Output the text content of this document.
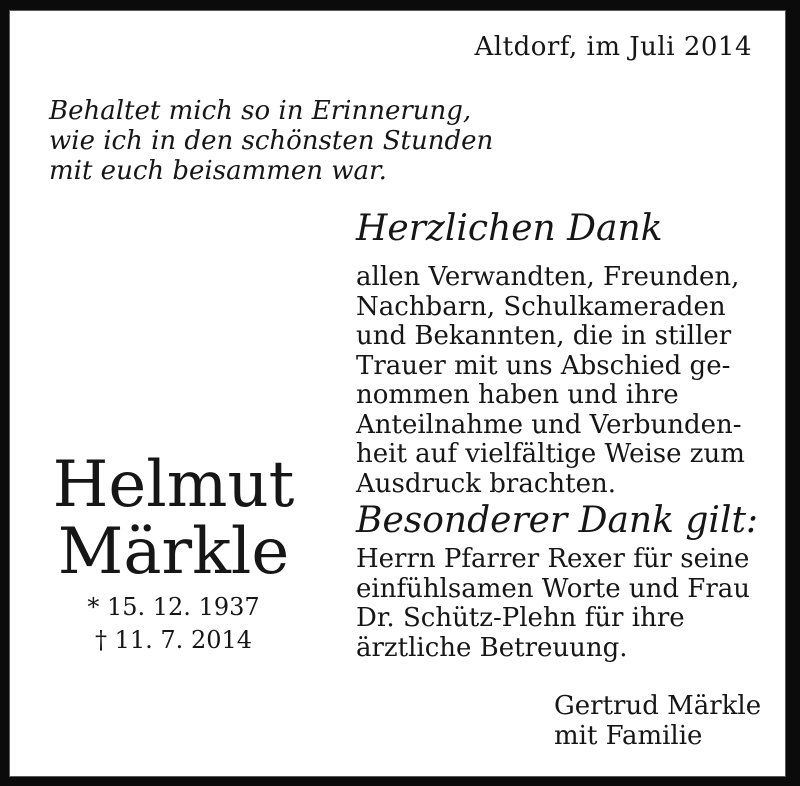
Altdorf, im Juli 2014
Behaltet mich so in Erinnerung,
wie ich in den schönsten Stunden
mit euch beisammen war.
Helmut
Märkle
* 15. 12. 1937
† 11. 7. 2014
Herzlichen Dank
allen Verwandten, Freunden,
Nachbarn, Schulkameraden
und Bekannten, die in stiller
Trauer mit uns Abschied ge-
nommen haben und ihre
Anteilnahme und Verbunden-
heit auf vielfältige Weise zum
Ausdruck brachten.
Besonderer Dank gilt:
Herrn Pfarrer Rexer für seine
einfühlsamen Worte und Frau
Dr. Schütz-Plehn für ihre
ärztliche Betreuung.
Gertrud Märkle
mit Familie
